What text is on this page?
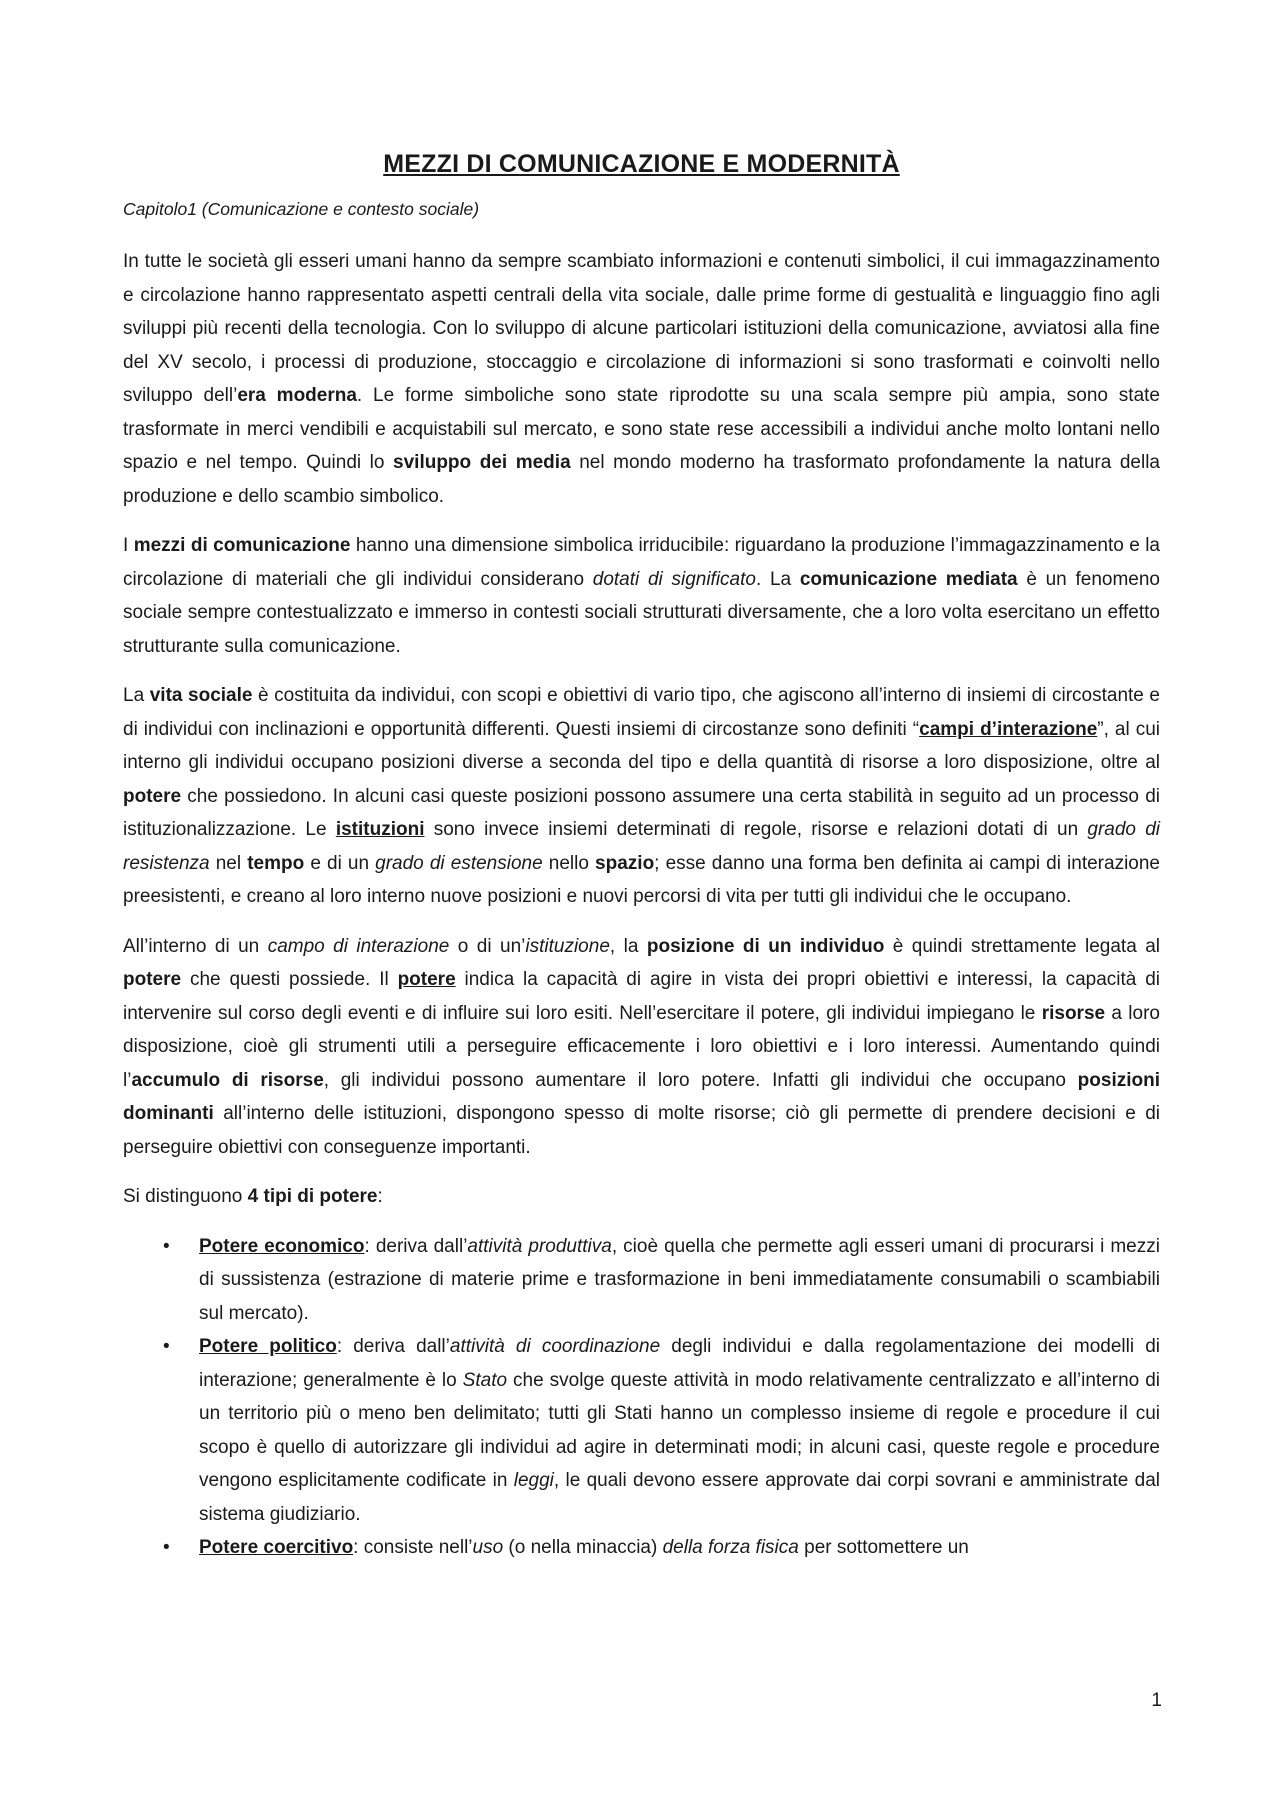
MEZZI DI COMUNICAZIONE E MODERNITÀ
Capitolo1 (Comunicazione e contesto sociale)

In tutte le società gli esseri umani hanno da sempre scambiato informazioni e contenuti simbolici, il cui immagazzinamento e circolazione hanno rappresentato aspetti centrali della vita sociale, dalle prime forme di gestualità e linguaggio fino agli sviluppi più recenti della tecnologia. Con lo sviluppo di alcune particolari istituzioni della comunicazione, avviatosi alla fine del XV secolo, i processi di produzione, stoccaggio e circolazione di informazioni si sono trasformati e coinvolti nello sviluppo dell’era moderna. Le forme simboliche sono state riprodotte su una scala sempre più ampia, sono state trasformate in merci vendibili e acquistabili sul mercato, e sono state rese accessibili a individui anche molto lontani nello spazio e nel tempo. Quindi lo sviluppo dei media nel mondo moderno ha trasformato profondamente la natura della produzione e dello scambio simbolico.

I mezzi di comunicazione hanno una dimensione simbolica irriducibile: riguardano la produzione l’immagazzinamento e la circolazione di materiali che gli individui considerano dotati di significato. La comunicazione mediata è un fenomeno sociale sempre contestualizzato e immerso in contesti sociali strutturati diversamente, che a loro volta esercitano un effetto strutturante sulla comunicazione.

La vita sociale è costituita da individui, con scopi e obiettivi di vario tipo, che agiscono all’interno di insiemi di circostante e di individui con inclinazioni e opportunità differenti. Questi insiemi di circostanze sono definiti “campi d’interazione”, al cui interno gli individui occupano posizioni diverse a seconda del tipo e della quantità di risorse a loro disposizione, oltre al potere che possiedono. In alcuni casi queste posizioni possono assumere una certa stabilità in seguito ad un processo di istituzionalizzazione. Le istituzioni sono invece insiemi determinati di regole, risorse e relazioni dotati di un grado di resistenza nel tempo e di un grado di estensione nello spazio; esse danno una forma ben definita ai campi di interazione preesistenti, e creano al loro interno nuove posizioni e nuovi percorsi di vita per tutti gli individui che le occupano.

All’interno di un campo di interazione o di un’istituzione, la posizione di un individuo è quindi strettamente legata al potere che questi possiede. Il potere indica la capacità di agire in vista dei propri obiettivi e interessi, la capacità di intervenire sul corso degli eventi e di influire sui loro esiti. Nell’esercitare il potere, gli individui impiegano le risorse a loro disposizione, cioè gli strumenti utili a perseguire efficacemente i loro obiettivi e i loro interessi. Aumentando quindi l’accumulo di risorse, gli individui possono aumentare il loro potere. Infatti gli individui che occupano posizioni dominanti all’interno delle istituzioni, dispongono spesso di molte risorse; ciò gli permette di prendere decisioni e di perseguire obiettivi con conseguenze importanti.

Si distinguono 4 tipi di potere:

• Potere economico: deriva dall’attività produttiva, cioè quella che permette agli esseri umani di procurarsi i mezzi di sussistenza (estrazione di materie prime e trasformazione in beni immediatamente consumabili o scambiabili sul mercato).
• Potere politico: deriva dall’attività di coordinazione degli individui e dalla regolamentazione dei modelli di interazione; generalmente è lo Stato che svolge queste attività in modo relativamente centralizzato e all’interno di un territorio più o meno ben delimitato; tutti gli Stati hanno un complesso insieme di regole e procedure il cui scopo è quello di autorizzare gli individui ad agire in determinati modi; in alcuni casi, queste regole e procedure vengono esplicitamente codificate in leggi, le quali devono essere approvate dai corpi sovrani e amministrate dal sistema giudiziario.
• Potere coercitivo: consiste nell’uso (o nella minaccia) della forza fisica per sottomettere un
1
